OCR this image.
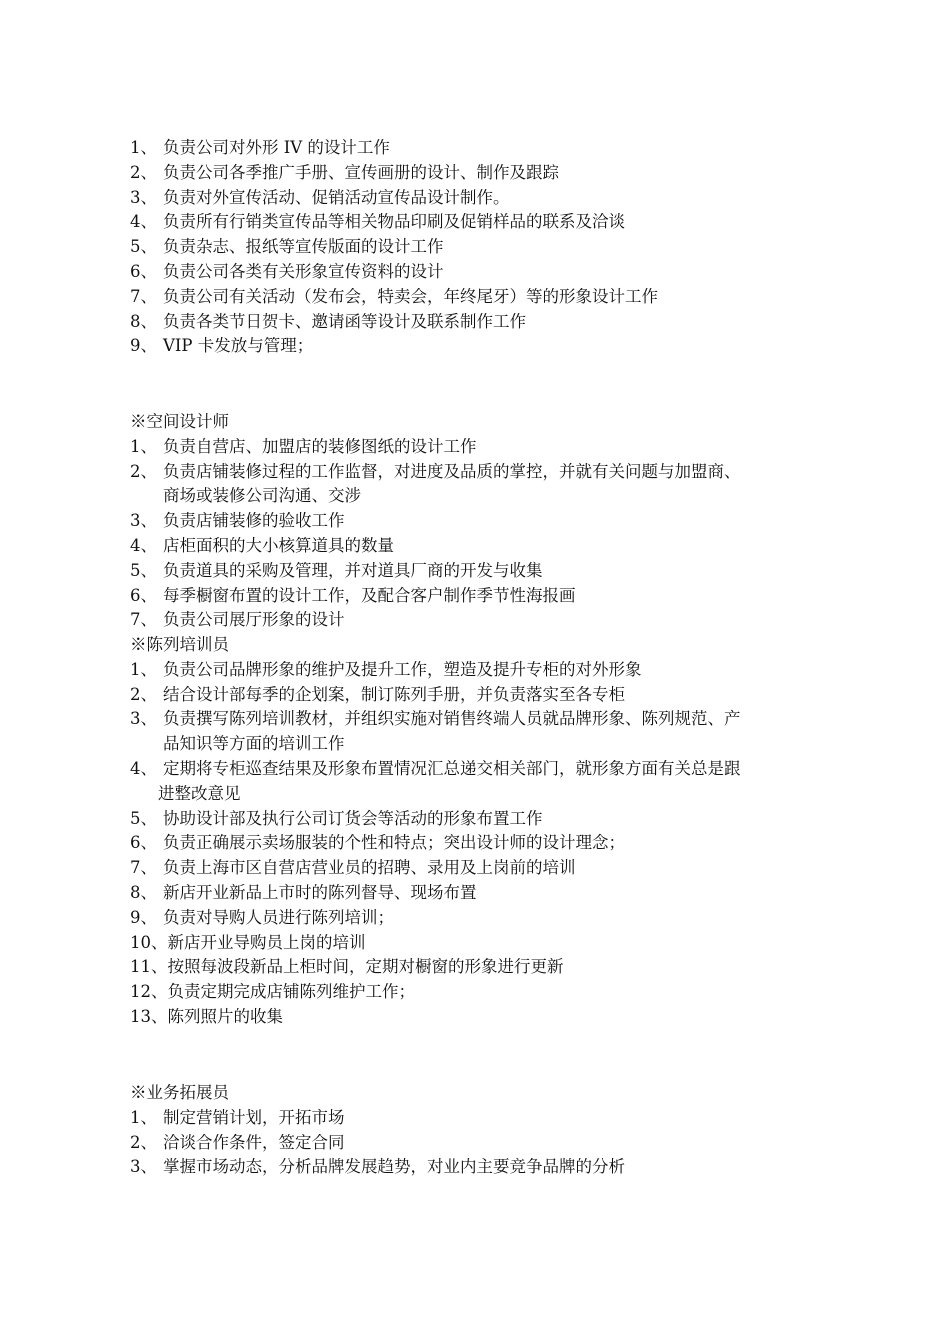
1、 负责公司对外形 IV 的设计工作
2、 负责公司各季推广手册、宣传画册的设计、制作及跟踪
3、 负责对外宣传活动、促销活动宣传品设计制作。
4、 负责所有行销类宣传品等相关物品印刷及促销样品的联系及洽谈
5、 负责杂志、报纸等宣传版面的设计工作
6、 负责公司各类有关形象宣传资料的设计
7、 负责公司有关活动（发布会，特卖会，年终尾牙）等的形象设计工作
8、 负责各类节日贺卡、邀请函等设计及联系制作工作
9、 VIP 卡发放与管理；
※空间设计师
1、 负责自营店、加盟店的装修图纸的设计工作
2、 负责店铺装修过程的工作监督，对进度及品质的掌控，并就有关问题与加盟商、
商场或装修公司沟通、交涉
3、 负责店铺装修的验收工作
4、 店柜面积的大小核算道具的数量
5、 负责道具的采购及管理，并对道具厂商的开发与收集
6、 每季橱窗布置的设计工作，及配合客户制作季节性海报画
7、 负责公司展厅形象的设计
※陈列培训员
1、 负责公司品牌形象的维护及提升工作，塑造及提升专柜的对外形象
2、 结合设计部每季的企划案，制订陈列手册，并负责落实至各专柜
3、 负责撰写陈列培训教材，并组织实施对销售终端人员就品牌形象、陈列规范、产
品知识等方面的培训工作
4、 定期将专柜巡查结果及形象布置情况汇总递交相关部门，就形象方面有关总是跟
进整改意见
5、 协助设计部及执行公司订货会等活动的形象布置工作
6、 负责正确展示卖场服装的个性和特点；突出设计师的设计理念；
7、 负责上海市区自营店营业员的招聘、录用及上岗前的培训
8、 新店开业新品上市时的陈列督导、现场布置
9、 负责对导购人员进行陈列培训；
10、新店开业导购员上岗的培训
11、按照每波段新品上柜时间，定期对橱窗的形象进行更新
12、负责定期完成店铺陈列维护工作；
13、陈列照片的收集
※业务拓展员
1、 制定营销计划，开拓市场
2、 洽谈合作条件，签定合同
3、 掌握市场动态，分析品牌发展趋势，对业内主要竞争品牌的分析
